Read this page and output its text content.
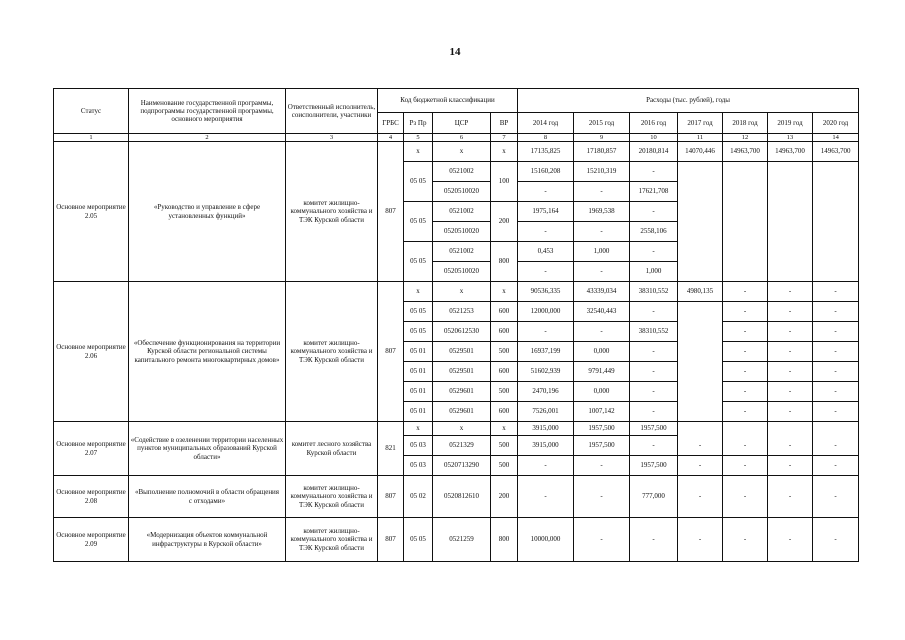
14
Статус	Наименование государственной программы, подпрограммы государственной программы, основного мероприятия	Ответственный исполнитель, соисполнители, участники	Код бюджетной классификации				Расходы (тыс. рублей), годы						
			ГРБС	Рз Пр	ЦСР	ВР	2014 год	2015 год	2016 год	2017 год	2018 год	2019 год	2020 год
1	2	3	4	5	6	7	8	9	10	11	12	13	14
Основное мероприятие 2.05	«Руководство и управление в сфере установленных функций»	комитет жилищно-коммунального хозяйства и ТЭК Курской области	807	х	х	х	17135,825	17180,857	20180,814	14070,446	14963,700	14963,700	14963,700
				05 05	0521002	100	15160,208	15210,319	-				
					0520510020		-	-	17621,708				
				05 05	0521002	200	1975,164	1969,538	-				
					0520510020		-	-	2558,106				
				05 05	0521002	800	0,453	1,000	-				
					0520510020		-	-	1,000				
Основное мероприятие 2.06	«Обеспечение функционирования на территории Курской области региональной системы капитального ремонта многоквартирных домов»	комитет жилищно-коммунального хозяйства и ТЭК Курской области	807	х	х	х	90536,335	43339,034	38310,552	4980,135	-	-	-
				05 05	0521253	600	12000,000	32540,443	-		-	-	-
				05 05	0520612530	600	-	-	38310,552		-	-	-
				05 01	0529501	500	16937,199	0,000	-		-	-	-
				05 01	0529501	600	51602,939	9791,449	-		-	-	-
				05 01	0529601	500	2470,196	0,000	-		-	-	-
				05 01	0529601	600	7526,001	1007,142	-		-	-	-
Основное мероприятие 2.07	«Содействие в озеленении территории населенных пунктов муниципальных образований Курской области»	комитет лесного хозяйства Курской области	821	х	х	х	3915,000	1957,500	1957,500				
				05 03	0521329	500	3915,000	1957,500	-	-	-	-	-
				05 03	0520713290	500	-	-	1957,500	-	-	-	-
Основное мероприятие 2.08	«Выполнение полномочий в области обращения с отходами»	комитет жилищно-коммунального хозяйства и ТЭК Курской области	807	05 02	0520812610	200	-	-	777,000	-	-	-	-
Основное мероприятие 2.09	«Модернизация объектов коммунальной инфраструктуры в Курской области»	комитет жилищно-коммунального хозяйства и ТЭК Курской области	807	05 05	0521259	800	10000,000	-	-	-	-	-	-
